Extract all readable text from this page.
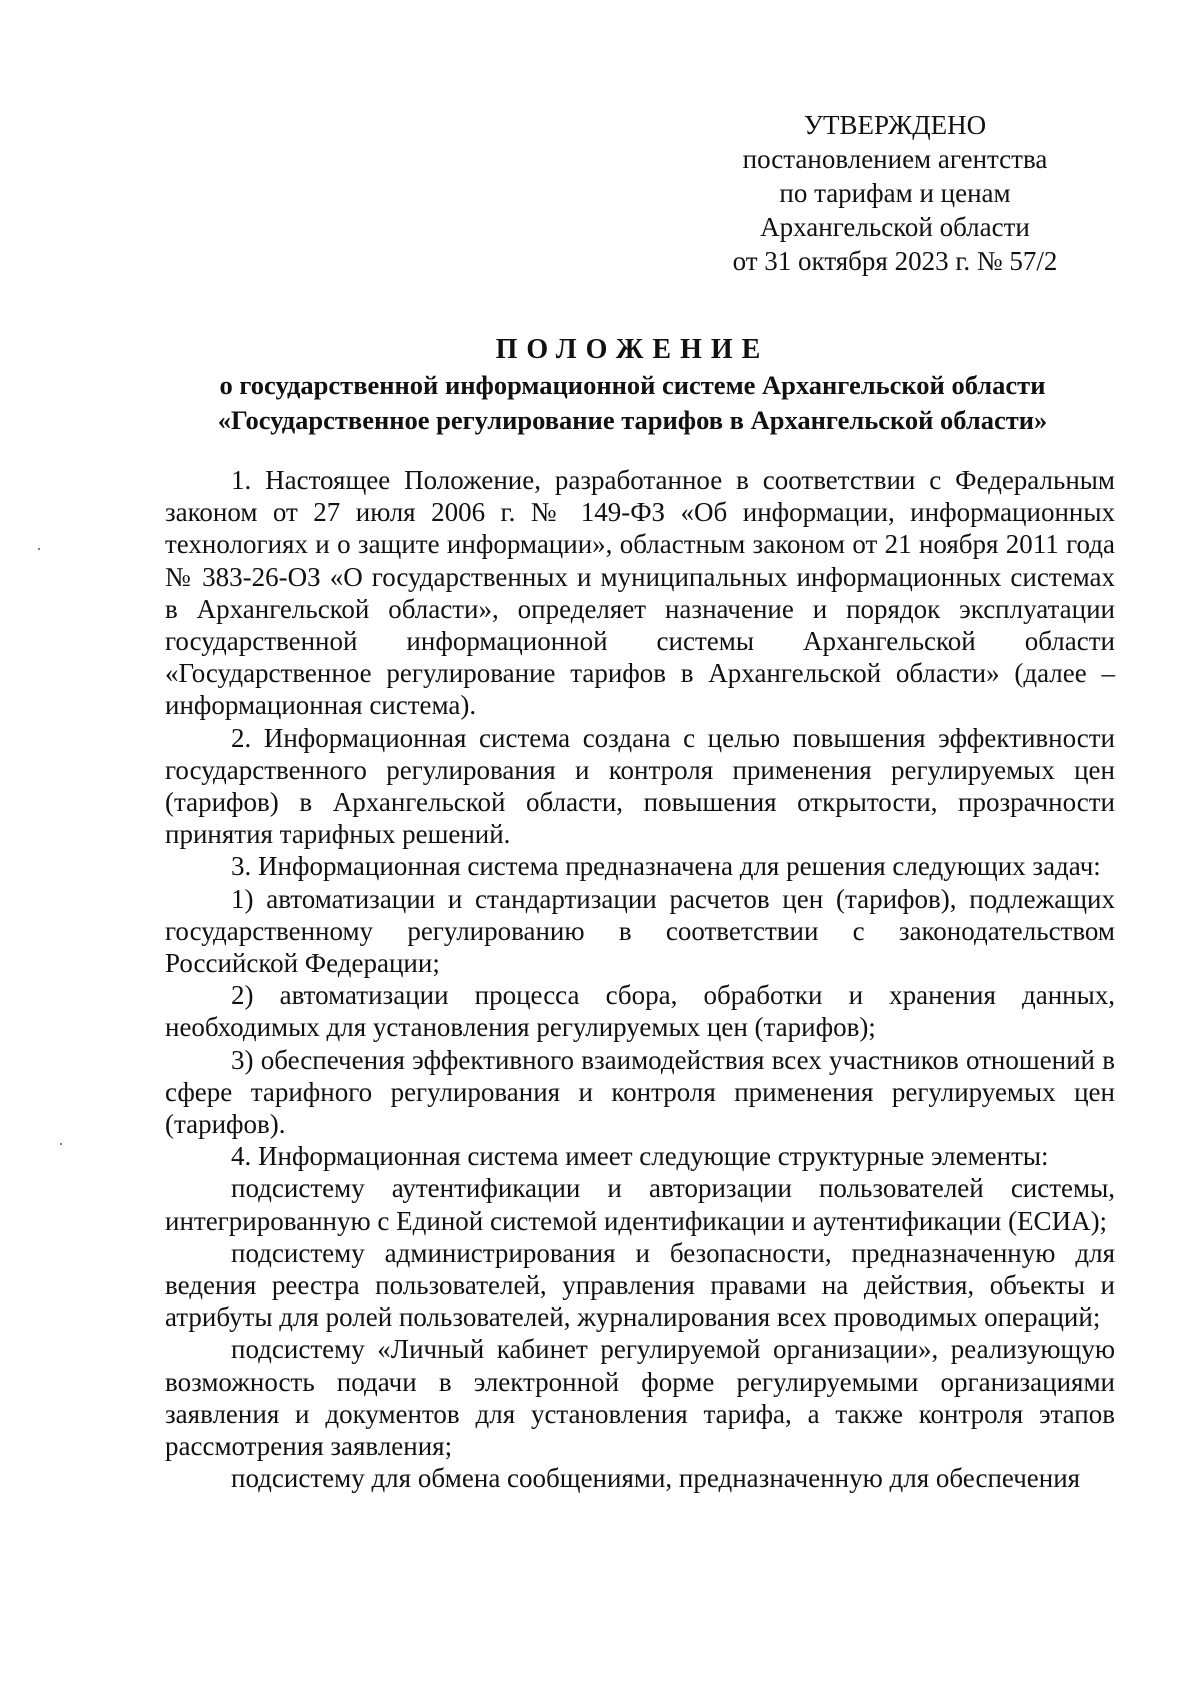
УТВЕРЖДЕНО
постановлением агентства
по тарифам и ценам
Архангельской области
от 31 октября 2023 г. № 57/2
ПОЛОЖЕНИЕ
о государственной информационной системе Архангельской области
«Государственное регулирование тарифов в Архангельской области»

1. Настоящее Положение, разработанное в соответствии с Федеральным законом от 27 июля 2006 г. № 149-ФЗ «Об информации, информационных технологиях и о защите информации», областным законом от 21 ноября 2011 года № 383-26-ОЗ «О государственных и муниципальных информационных системах в Архангельской области», определяет назначение и порядок эксплуатации государственной информационной системы Архангельской области «Государственное регулирование тарифов в Архангельской области» (далее – информационная система).

2. Информационная система создана с целью повышения эффективности государственного регулирования и контроля применения регулируемых цен (тарифов) в Архангельской области, повышения открытости, прозрачности принятия тарифных решений.

3. Информационная система предназначена для решения следующих задач:

1) автоматизации и стандартизации расчетов цен (тарифов), подлежащих государственному регулированию в соответствии с законодательством Российской Федерации;

2) автоматизации процесса сбора, обработки и хранения данных, необходимых для установления регулируемых цен (тарифов);

3) обеспечения эффективного взаимодействия всех участников отношений в сфере тарифного регулирования и контроля применения регулируемых цен (тарифов).

4. Информационная система имеет следующие структурные элементы:

подсистему аутентификации и авторизации пользователей системы, интегрированную с Единой системой идентификации и аутентификации (ЕСИА);

подсистему администрирования и безопасности, предназначенную для ведения реестра пользователей, управления правами на действия, объекты и атрибуты для ролей пользователей, журналирования всех проводимых операций;

подсистему «Личный кабинет регулируемой организации», реализующую возможность подачи в электронной форме регулируемыми организациями заявления и документов для установления тарифа, а также контроля этапов рассмотрения заявления;

подсистему для обмена сообщениями, предназначенную для обеспечения
